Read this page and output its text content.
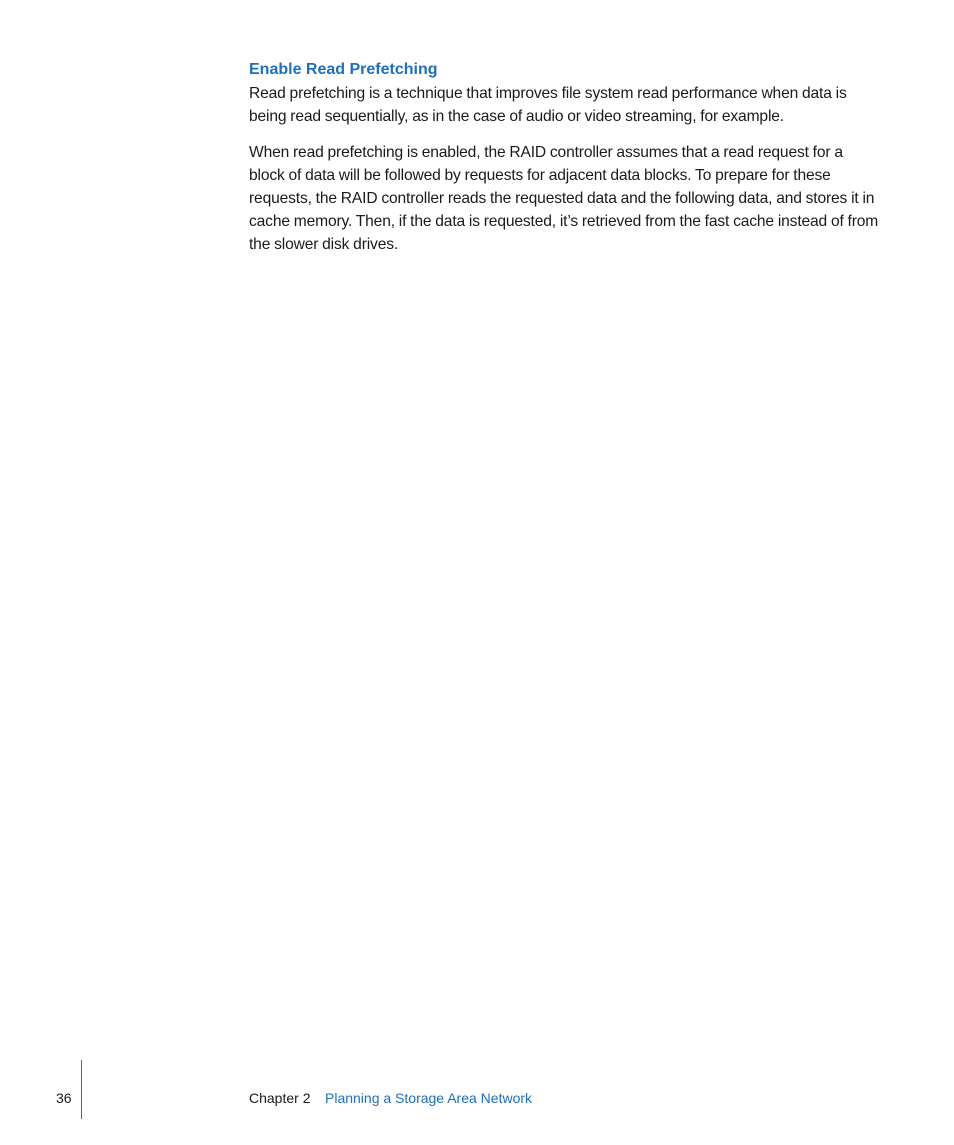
Enable Read Prefetching

Read prefetching is a technique that improves file system read performance when data is being read sequentially, as in the case of audio or video streaming, for example.

When read prefetching is enabled, the RAID controller assumes that a read request for a block of data will be followed by requests for adjacent data blocks. To prepare for these requests, the RAID controller reads the requested data and the following data, and stores it in cache memory. Then, if the data is requested, it’s retrieved from the fast cache instead of from the slower disk drives.

36	Chapter 2 Planning a Storage Area Network
